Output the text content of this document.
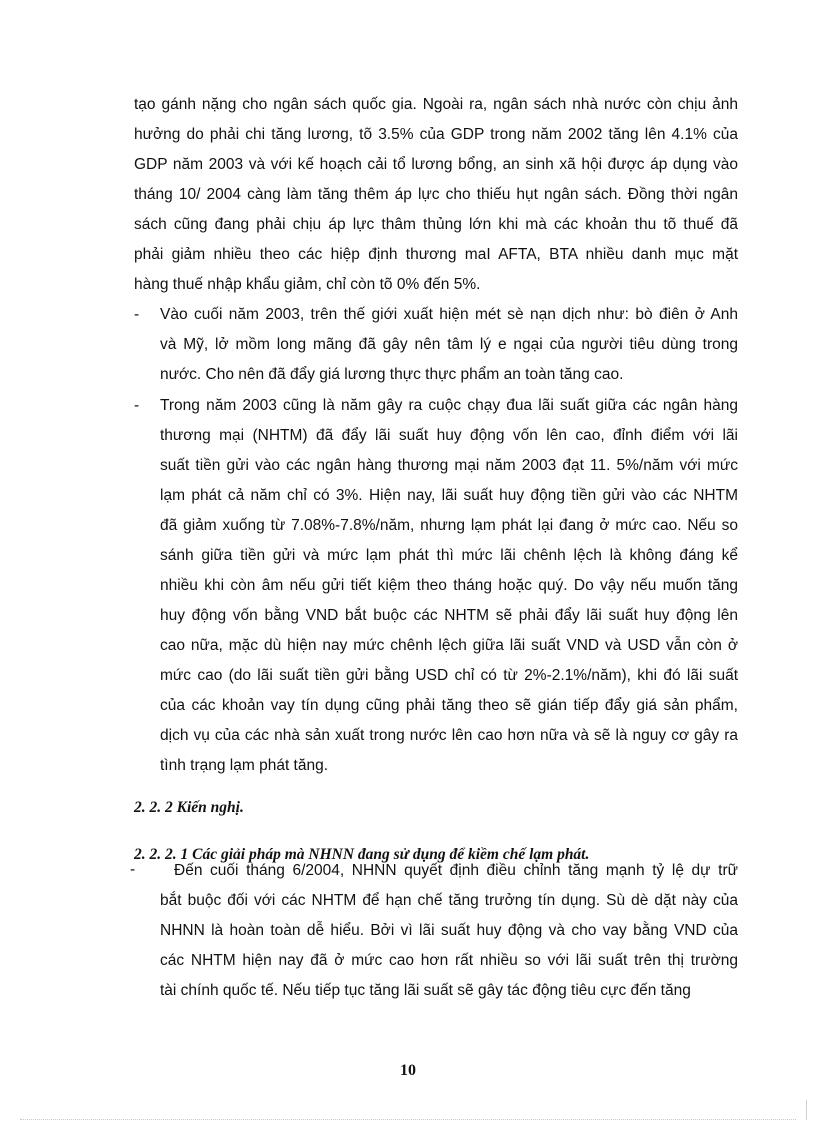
tạo gánh nặng cho ngân sách quốc gia. Ngoài ra, ngân sách nhà nước còn chịu ảnh
hưởng do phải chi tăng lương, tõ 3.5% của GDP trong năm 2002 tăng lên 4.1% của
GDP năm 2003 và với kế hoạch cải tổ lương bổng, an sinh xã hội được áp dụng vào
tháng 10/ 2004 càng làm tăng thêm áp lực cho thiếu hụt ngân sách. Đồng thời ngân
sách cũng đang phải chịu áp lực thâm thủng lớn khi mà các khoản thu tõ thuế đã
phải giảm nhiều theo các hiệp định thương maI AFTA, BTA nhiều danh mục mặt
hàng thuế nhập khẩu giảm, chỉ còn tõ 0% đến 5%.
- Vào cuối năm 2003, trên thế giới xuất hiện mét sè nạn dịch như: bò điên ở Anh
và Mỹ, lở mồm long mãng đã gây nên tâm lý e ngại của người tiêu dùng trong
nước. Cho nên đã đẩy giá lương thực thực phẩm an toàn tăng cao.
- Trong năm 2003 cũng là năm gây ra cuộc chạy đua lãi suất giữa các ngân hàng
thương mại (NHTM) đã đẩy lãi suất huy động vốn lên cao, đỉnh điểm với lãi
suất tiền gửi vào các ngân hàng thương mại năm 2003 đạt 11. 5%/năm với mức
lạm phát cả năm chỉ có 3%. Hiện nay, lãi suất huy động tiền gửi vào các NHTM
đã giảm xuống từ 7.08%-7.8%/năm, nhưng lạm phát lại đang ở mức cao. Nếu so
sánh giữa tiền gửi và mức lạm phát thì mức lãi chênh lệch là không đáng kể
nhiều khi còn âm nếu gửi tiết kiệm theo tháng hoặc quý. Do vậy nếu muốn tăng
huy động vốn bằng VND bắt buộc các NHTM sẽ phải đẩy lãi suất huy động lên
cao nữa, mặc dù hiện nay mức chênh lệch giữa lãi suất VND và USD vẫn còn ở
mức cao (do lãi suất tiền gửi bằng USD chỉ có từ 2%-2.1%/năm), khi đó lãi suất
của các khoản vay tín dụng cũng phải tăng theo sẽ gián tiếp đẩy giá sản phẩm,
dịch vụ của các nhà sản xuất trong nước lên cao hơn nữa và sẽ là nguy cơ gây ra
tình trạng lạm phát tăng.
2. 2. 2 Kiến nghị.
2. 2. 2. 1 Các giải pháp mà NHNN đang sử dụng để kiềm chế lạm phát.
-	Đến cuối tháng 6/2004, NHNN quyết định điều chỉnh tăng mạnh tỷ lệ dự trữ
bắt buộc đối với các NHTM để hạn chế tăng trưởng tín dụng. Sù dè dặt này của
NHNN là hoàn toàn dễ hiểu. Bởi vì lãi suất huy động và cho vay bằng VND của
các NHTM hiện nay đã ở mức cao hơn rất nhiều so với lãi suất trên thị trường
tài chính quốc tế. Nếu tiếp tục tăng lãi suất sẽ gây tác động tiêu cực đến tăng
10
